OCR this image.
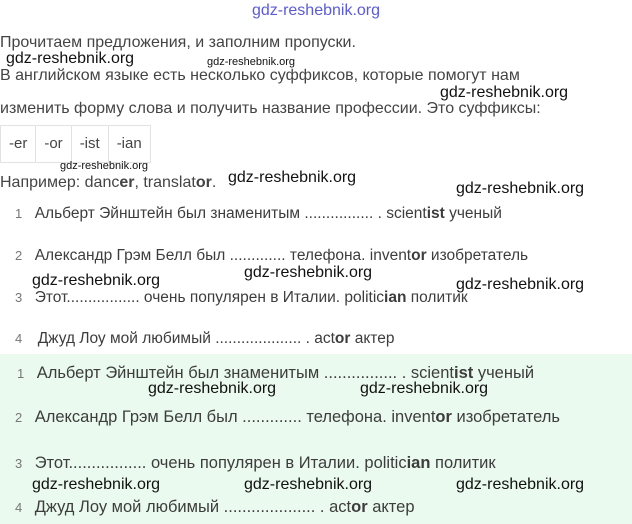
gdz-reshebnik.org
Прочитаем предложения, и заполним пропуски.
В английском языке есть несколько суффиксов, которые помогут нам
изменить форму слова и получить название профессии. Это суффиксы:
-er	-or	-ist	-ian
Например: dancer, translator.
1 Альберт Эйнштейн был знаменитым ................ . scientist ученый
2 Александр Грэм Белл был ............. телефона. inventor изобретатель
3 Этот................. очень популярен в Италии. politician политик
4 Джуд Лоу мой любимый .................... . actor актер
1 Альберт Эйнштейн был знаменитым ................ . scientist ученый
2 Александр Грэм Белл был ............. телефона. inventor изобретатель
3 Этот................. очень популярен в Италии. politician политик
4 Джуд Лоу мой любимый .................... . actor актер
gdz-reshebnik.org	gdz-reshebnik.org
gdz-reshebnik.org
gdz-reshebnik.org
gdz-reshebnik.org
gdz-reshebnik.org
gdz-reshebnik.org
gdz-reshebnik.org	gdz-reshebnik.org
gdz-reshebnik.org	gdz-reshebnik.org
gdz-reshebnik.org	gdz-reshebnik.org	gdz-reshebnik.org
